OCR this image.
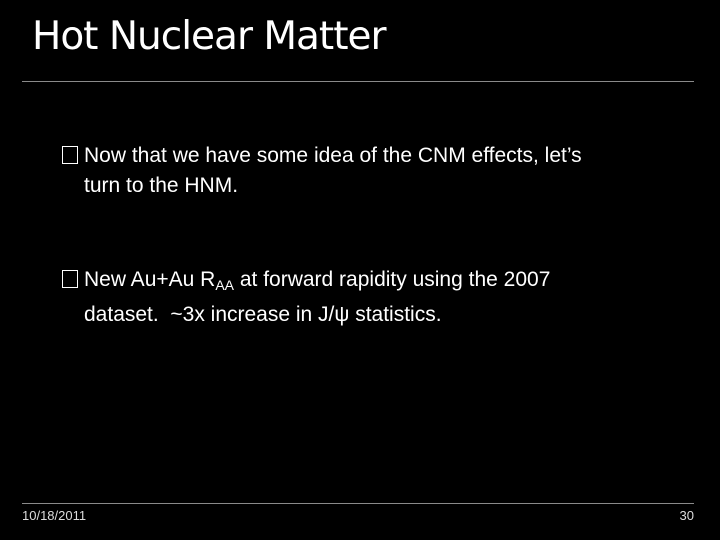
Hot Nuclear Matter
Now that we have some idea of the CNM effects, let’s
turn to the HNM.
New Au+Au $R_{AA}$ at forward rapidity using the 2007
dataset.  ~3x increase in J/ψ statistics.
10/18/2011	30
